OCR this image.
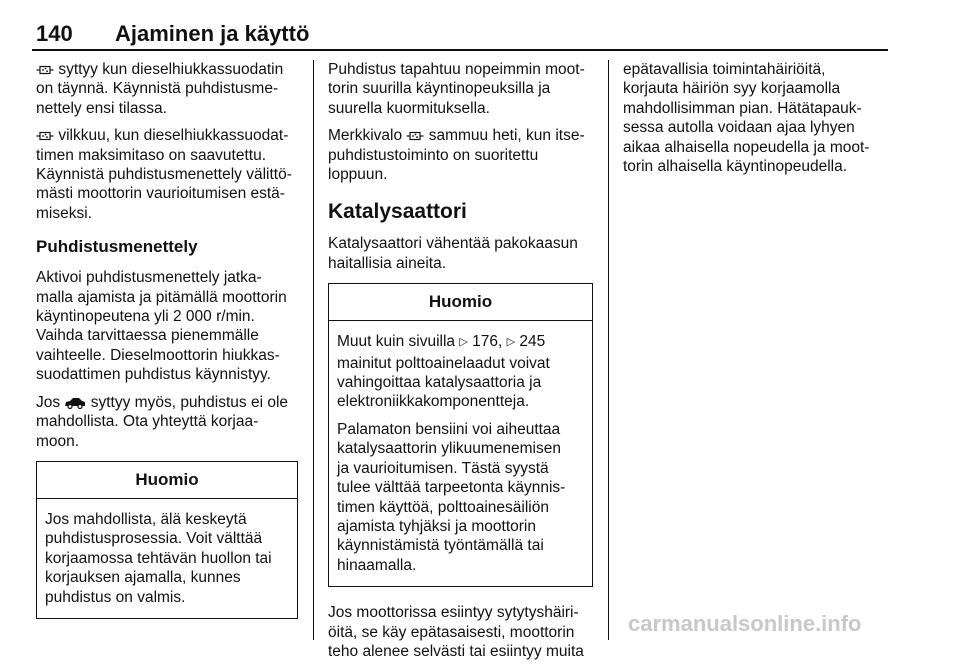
140 Ajaminen ja käyttö

syttyy kun dieselhiukkassuodatin
on täynnä. Käynnistä puhdistusme-
nettely ensi tilassa.

vilkkuu, kun dieselhiukkassuodat-
timen maksimitaso on saavutettu.
Käynnistä puhdistusmenettely välittö-
mästi moottorin vaurioitumisen estä-
miseksi.

Puhdistusmenettely

Aktivoi puhdistusmenettely jatka-
malla ajamista ja pitämällä moottorin
käyntinopeutena yli 2 000 r/min.
Vaihda tarvittaessa pienemmälle
vaihteelle. Dieselmoottorin hiukkas-
suodattimen puhdistus käynnistyy.

Jos syttyy myös, puhdistus ei ole
mahdollista. Ota yhteyttä korjaa-
moon.

Huomio

Jos mahdollista, älä keskeytä
puhdistusprosessia. Voit välttää
korjaamossa tehtävän huollon tai
korjauksen ajamalla, kunnes
puhdistus on valmis.

Puhdistus tapahtuu nopeimmin moot-
torin suurilla käyntinopeuksilla ja
suurella kuormituksella.

Merkkivalo sammuu heti, kun itse-
puhdistustoiminto on suoritettu
loppuun.

Katalysaattori

Katalysaattori vähentää pakokaasun
haitallisia aineita.

Huomio

Muut kuin sivuilla ▷ 176, ▷ 245
mainitut polttoainelaadut voivat
vahingoittaa katalysaattoria ja
elektroniikkakomponentteja.

Palamaton bensiini voi aiheuttaa
katalysaattorin ylikuumenemisen
ja vaurioitumisen. Tästä syystä
tulee välttää tarpeetonta käynnis-
timen käyttöä, polttoainesäiliön
ajamista tyhjäksi ja moottorin
käynnistämistä työntämällä tai
hinaamalla.

Jos moottorissa esiintyy sytytyshäiri-
öitä, se käy epätasaisesti, moottorin
teho alenee selvästi tai esiintyy muita

epätavallisia toimintahäiriöitä,
korjauta häiriön syy korjaamolla
mahdollisimman pian. Hätätapauk-
sessa autolla voidaan ajaa lyhyen
aikaa alhaisella nopeudella ja moot-
torin alhaisella käyntinopeudella.

carmanualsonline.info
